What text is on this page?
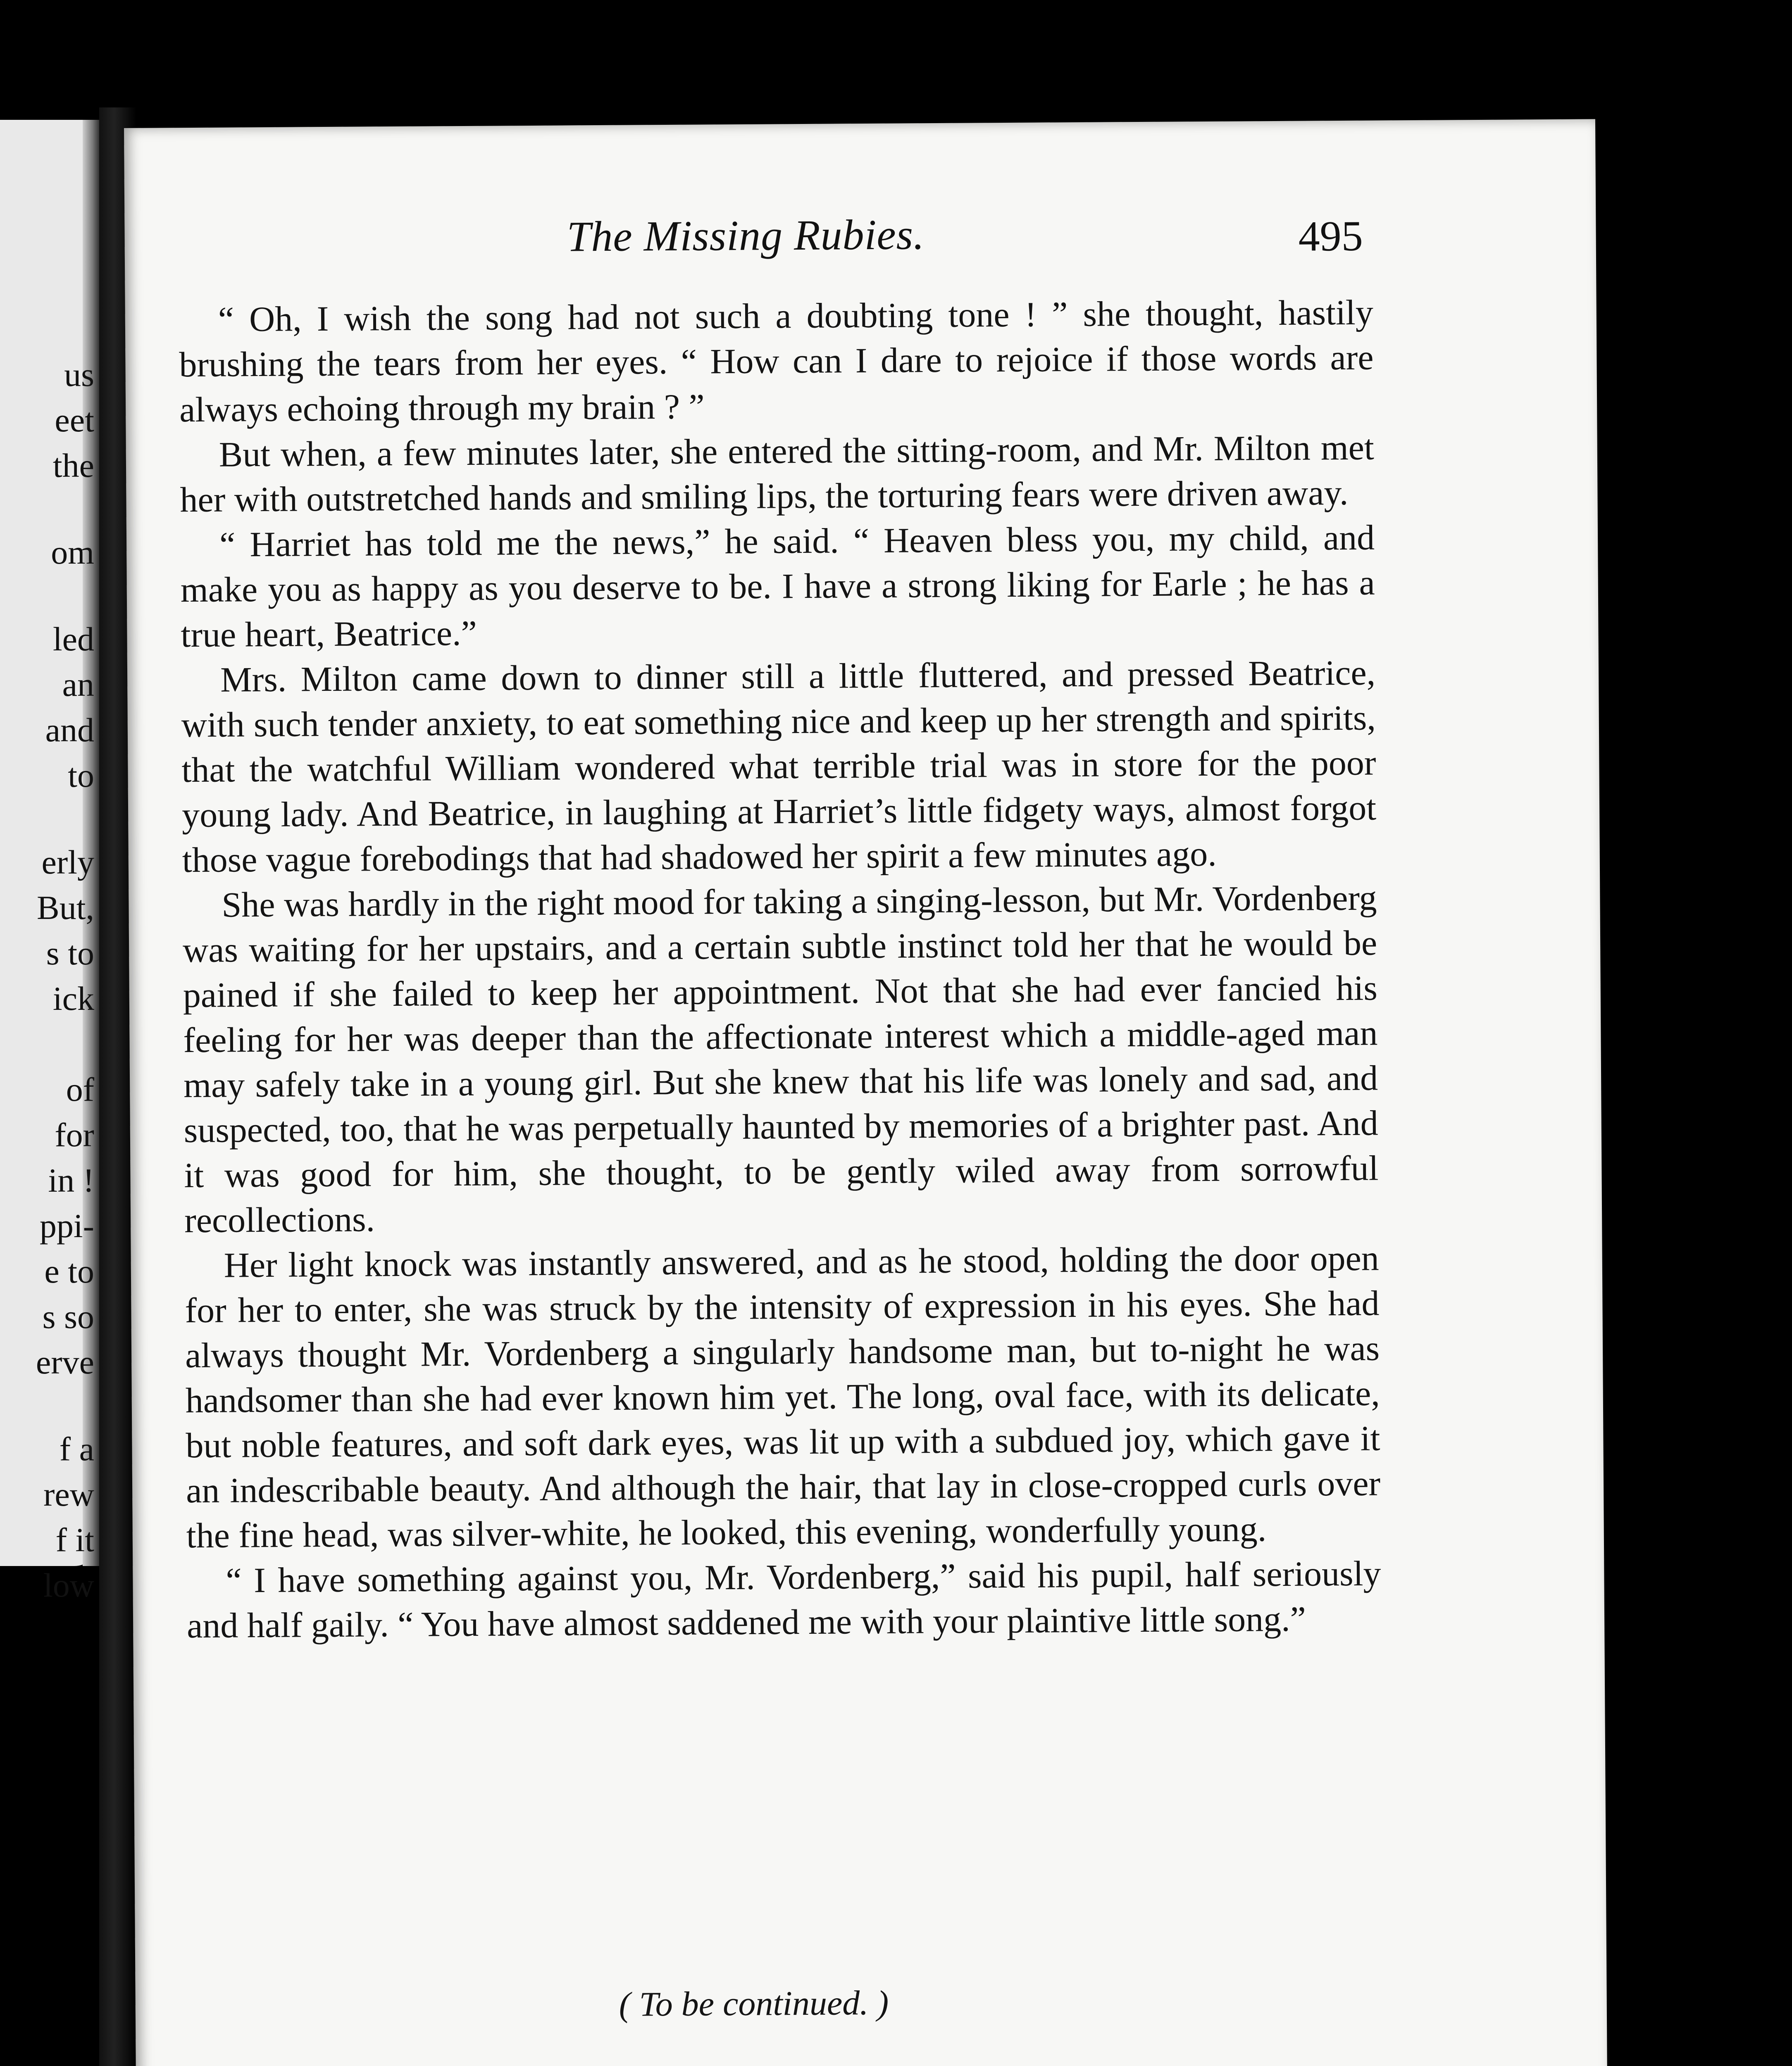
us
eet
the
om
led
an
and
to
erly
But,
s to
ick
of
for
in !
ppi-
e to
s so
erve
f a
rew
f it
low
The Missing Rubies.	495

“ Oh, I wish the song had not such a doubting tone ! ” she thought, hastily brushing the tears from her eyes. “ How can I dare to rejoice if those words are always echoing through my brain ? ”

But when, a few minutes later, she entered the sitting-room, and Mr. Milton met her with outstretched hands and smiling lips, the torturing fears were driven away.

“ Harriet has told me the news,” he said. “ Heaven bless you, my child, and make you as happy as you deserve to be. I have a strong liking for Earle ; he has a true heart, Beatrice.”

Mrs. Milton came down to dinner still a little fluttered, and pressed Beatrice, with such tender anxiety, to eat something nice and keep up her strength and spirits, that the watchful William wondered what terrible trial was in store for the poor young lady. And Beatrice, in laughing at Harriet’s little fidgety ways, almost forgot those vague forebodings that had shadowed her spirit a few minutes ago.

She was hardly in the right mood for taking a singing-lesson, but Mr. Vordenberg was waiting for her upstairs, and a certain subtle instinct told her that he would be pained if she failed to keep her appointment. Not that she had ever fancied his feeling for her was deeper than the affectionate interest which a middle-aged man may safely take in a young girl. But she knew that his life was lonely and sad, and suspected, too, that he was perpetually haunted by memories of a brighter past. And it was good for him, she thought, to be gently wiled away from sorrowful recollections.

Her light knock was instantly answered, and as he stood, holding the door open for her to enter, she was struck by the intensity of expression in his eyes. She had always thought Mr. Vordenberg a singularly handsome man, but to-night he was handsomer than she had ever known him yet. The long, oval face, with its delicate, but noble features, and soft dark eyes, was lit up with a subdued joy, which gave it an indescribable beauty. And although the hair, that lay in close-cropped curls over the fine head, was silver-white, he looked, this evening, wonderfully young.

“ I have something against you, Mr. Vordenberg,” said his pupil, half seriously and half gaily. “ You have almost saddened me with your plaintive little song.”

( To be continued. )
